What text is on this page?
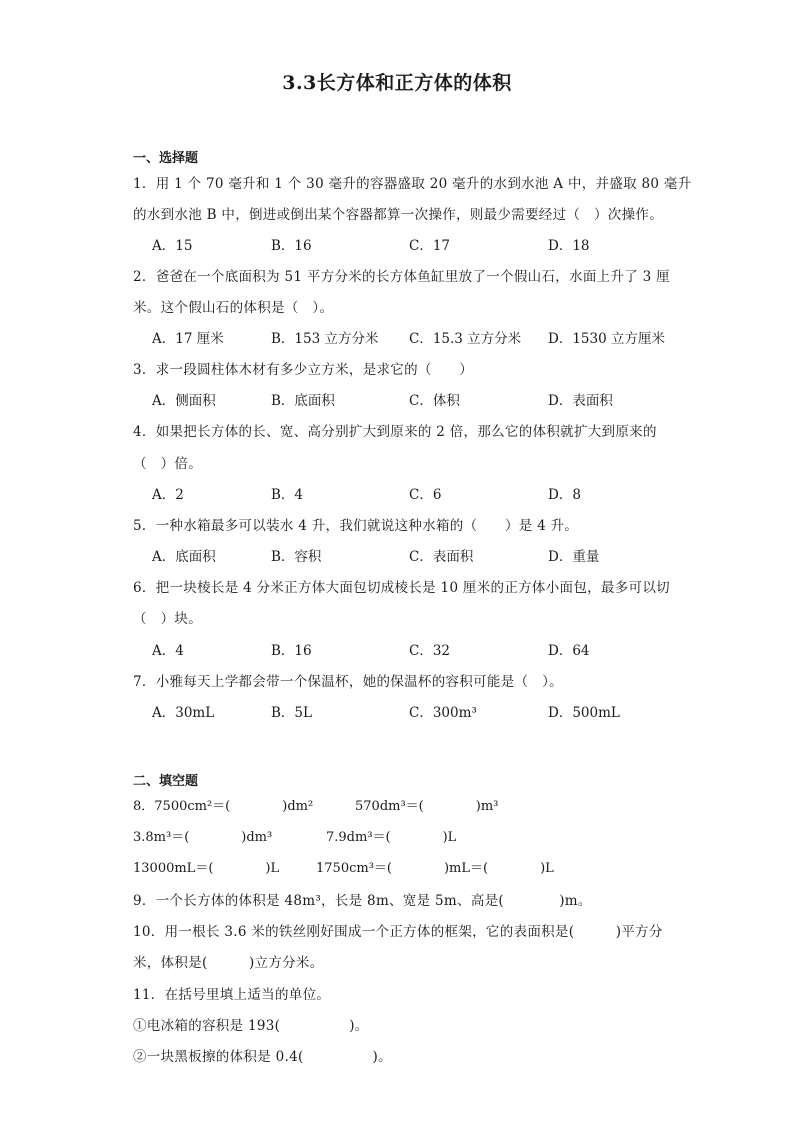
3.3长方体和正方体的体积
一、选择题
1．用 1 个 70 毫升和 1 个 30 毫升的容器盛取 20 毫升的水到水池 A 中，并盛取 80 毫升
的水到水池 B 中，倒进或倒出某个容器都算一次操作，则最少需要经过（　）次操作。
A．15	B．16	C．17	D．18
2．爸爸在一个底面积为 51 平方分米的长方体鱼缸里放了一个假山石，水面上升了 3 厘
米。这个假山石的体积是（　）。
A．17 厘米	B．153 立方分米 C．15.3 立方分米 D．1530 立方厘米
3．求一段圆柱体木材有多少立方米，是求它的（　　）
A．侧面积	B．底面积	C．体积	D．表面积
4．如果把长方体的长、宽、高分别扩大到原来的 2 倍，那么它的体积就扩大到原来的
（　）倍。
A．2	B．4	C．6	D．8
5．一种水箱最多可以装水 4 升，我们就说这种水箱的（　　）是 4 升。
A．底面积	B．容积	C．表面积	D．重量
6．把一块棱长是 4 分米正方体大面包切成棱长是 10 厘米的正方体小面包，最多可以切
（　）块。
A．4	B．16	C．32	D．64
7．小雅每天上学都会带一个保温杯，她的保温杯的容积可能是（　）。
A．30mL	B．5L	C．300m³	D．500mL
二、填空题
8．7500cm²＝(　　　　)dm²	570dm³＝(　　　　)m³
3.8m³＝(　　　　)dm³	7.9dm³＝(　　　　)L
13000mL＝(　　　　)L	1750cm³＝(　　　　)mL＝(　　　　)L
9．一个长方体的体积是 48m³，长是 8m、宽是 5m、高是(　　　　)m。
10．用一根长 3.6 米的铁丝刚好围成一个正方体的框架，它的表面积是(　　　)平方分
米，体积是(　　　)立方分米。
11．在括号里填上适当的单位。
①电冰箱的容积是 193(　　　　　)。
②一块黑板擦的体积是 0.4(　　　　　)。
